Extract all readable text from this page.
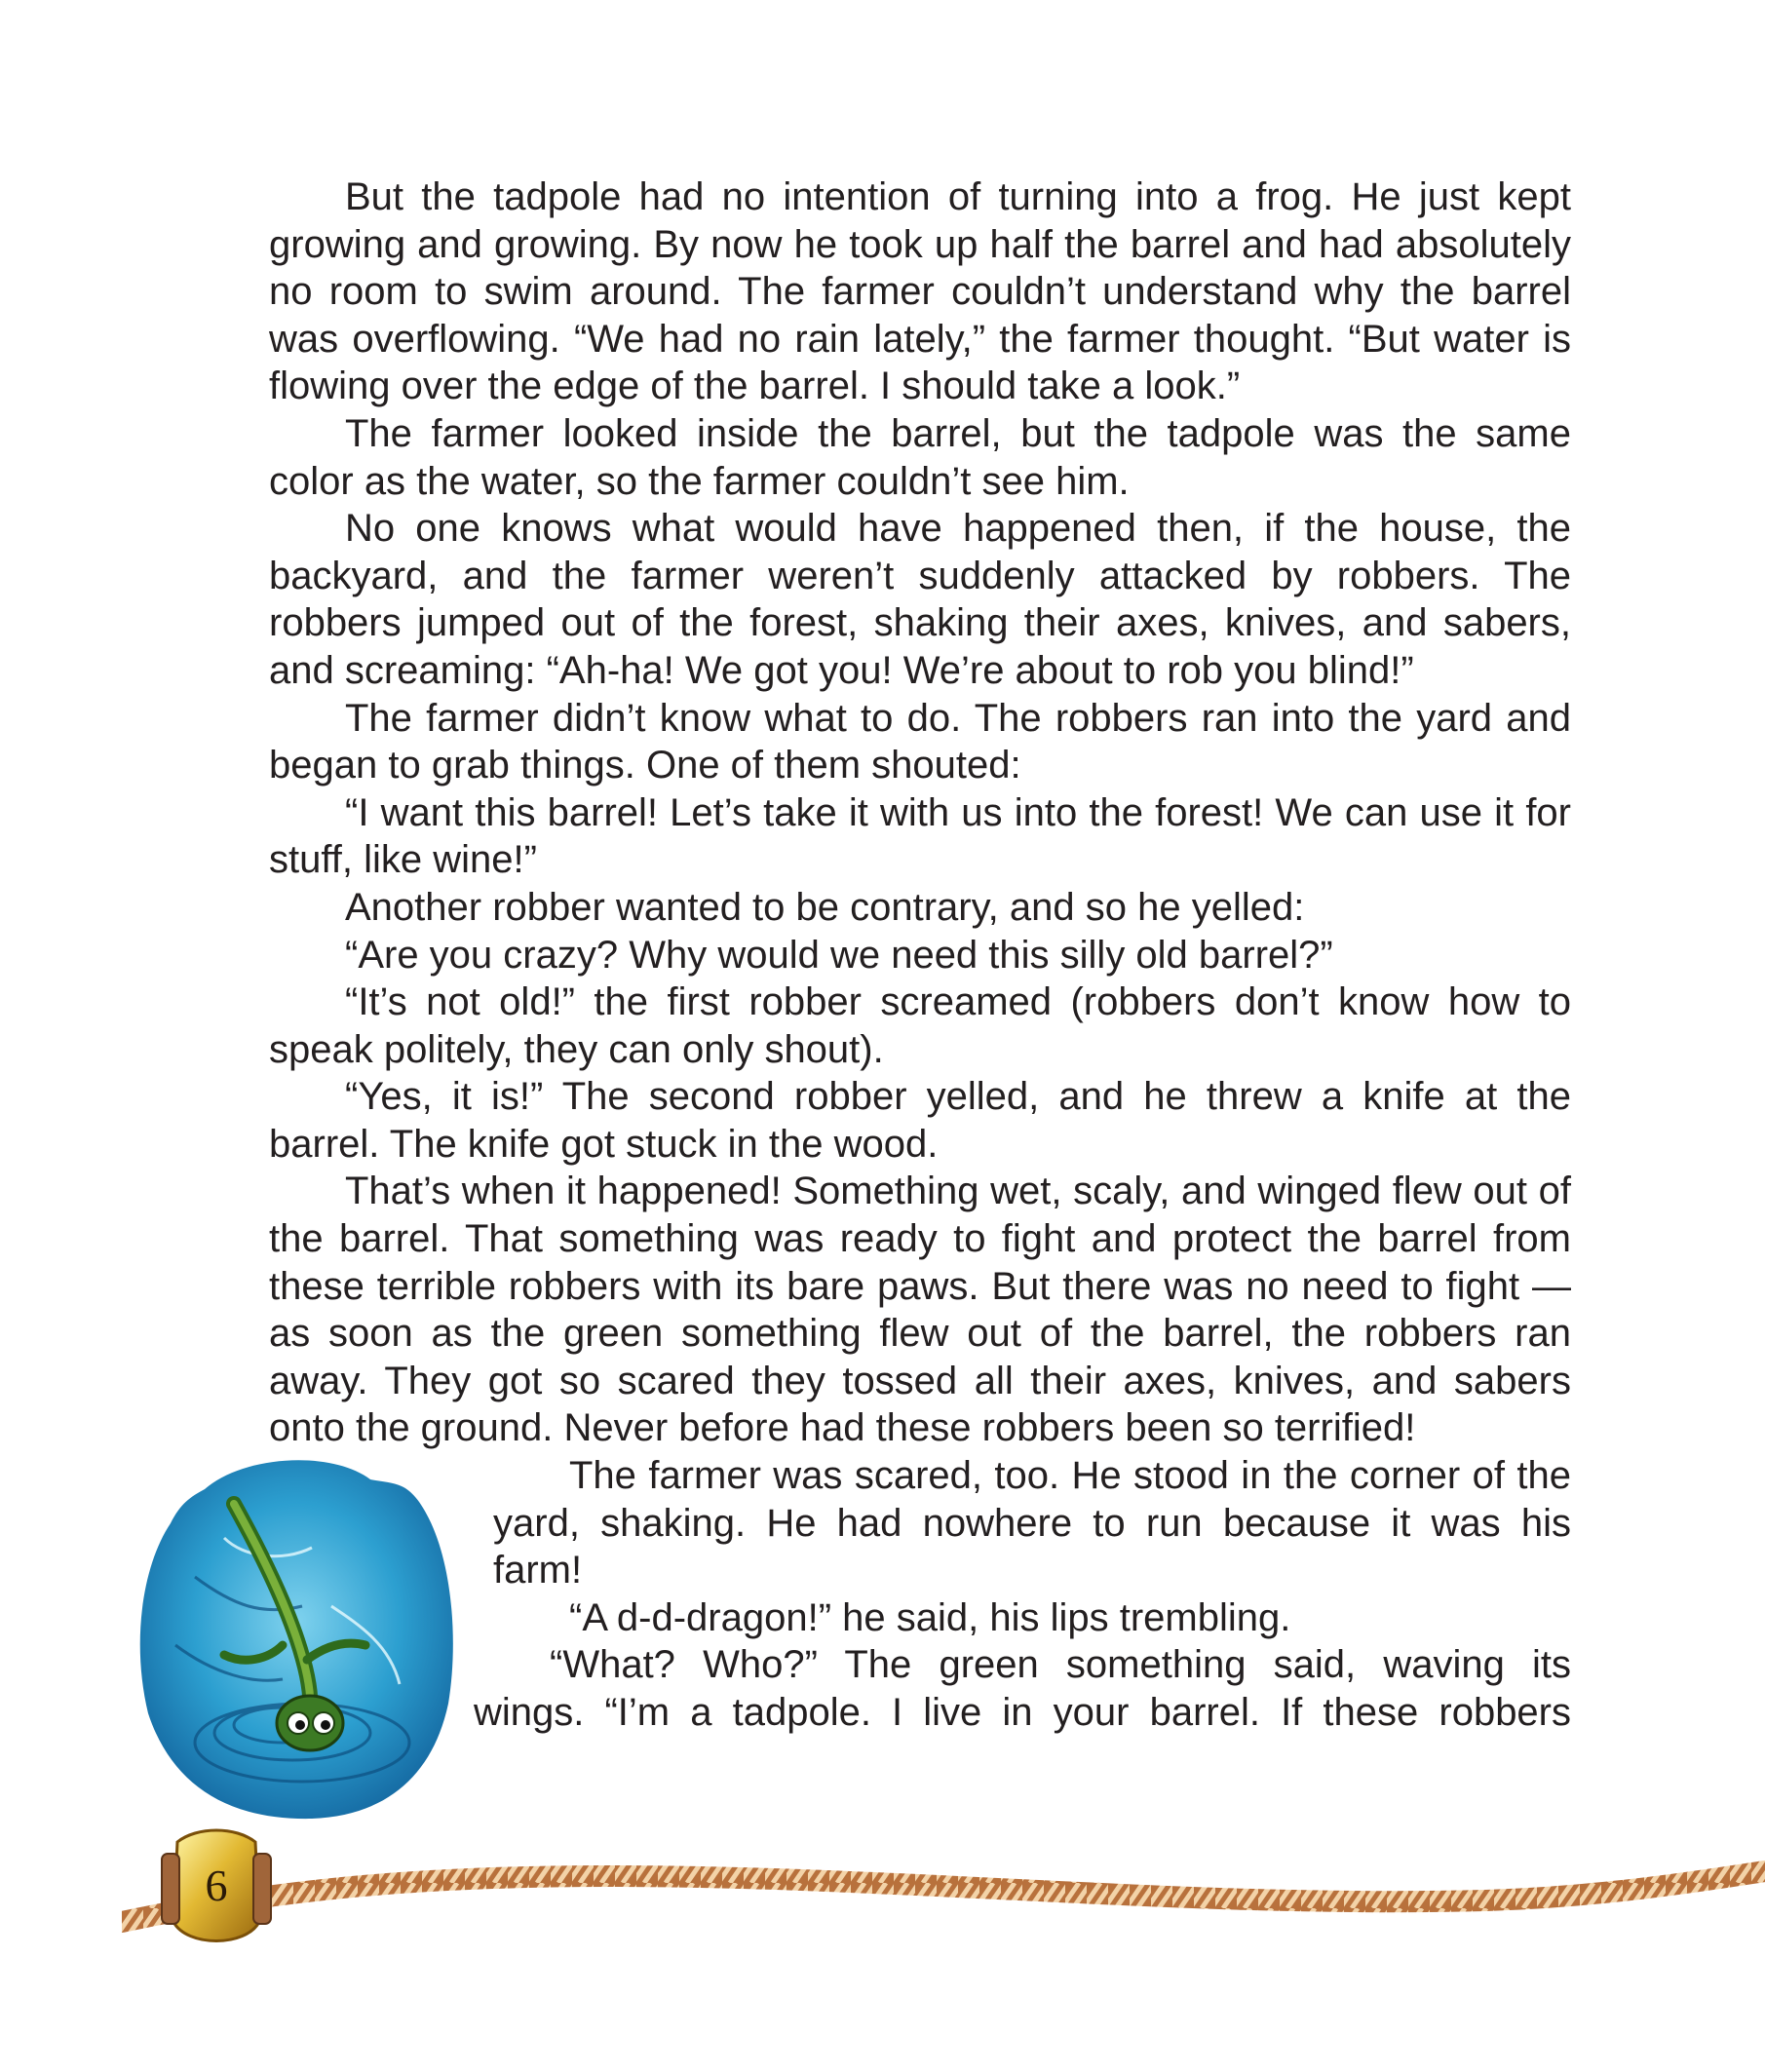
But the tadpole had no intention of turning into a frog. He just kept growing and growing. By now he took up half the barrel and had absolutely no room to swim around. The farmer couldn’t understand why the barrel was overflowing. “We had no rain lately,” the farmer thought. “But water is flowing over the edge of the barrel. I should take a look.”

The farmer looked inside the barrel, but the tadpole was the same color as the water, so the farmer couldn’t see him.

No one knows what would have happened then, if the house, the backyard, and the farmer weren’t suddenly attacked by robbers. The robbers jumped out of the forest, shaking their axes, knives, and sabers, and screaming: “Ah-ha! We got you! We’re about to rob you blind!”

The farmer didn’t know what to do. The robbers ran into the yard and began to grab things. One of them shouted:

“I want this barrel! Let’s take it with us into the forest! We can use it for stuff, like wine!”

Another robber wanted to be contrary, and so he yelled:

“Are you crazy? Why would we need this silly old barrel?”

“It’s not old!” the first robber screamed (robbers don’t know how to speak politely, they can only shout).

“Yes, it is!” The second robber yelled, and he threw a knife at the barrel. The knife got stuck in the wood.

That’s when it happened! Something wet, scaly, and winged flew out of the barrel. That something was ready to fight and protect the barrel from these terrible robbers with its bare paws. But there was no need to fight — as soon as the green something flew out of the barrel, the robbers ran away. They got so scared they tossed all their axes, knives, and sabers onto the ground. Never before had these robbers been so terrified!

The farmer was scared, too. He stood in the corner of the yard, shaking. He had nowhere to run because it was his farm!

“A d-d-dragon!” he said, his lips trembling.

“What? Who?” The green something said, waving its wings. “I’m a tadpole. I live in your barrel. If these robbers

6
